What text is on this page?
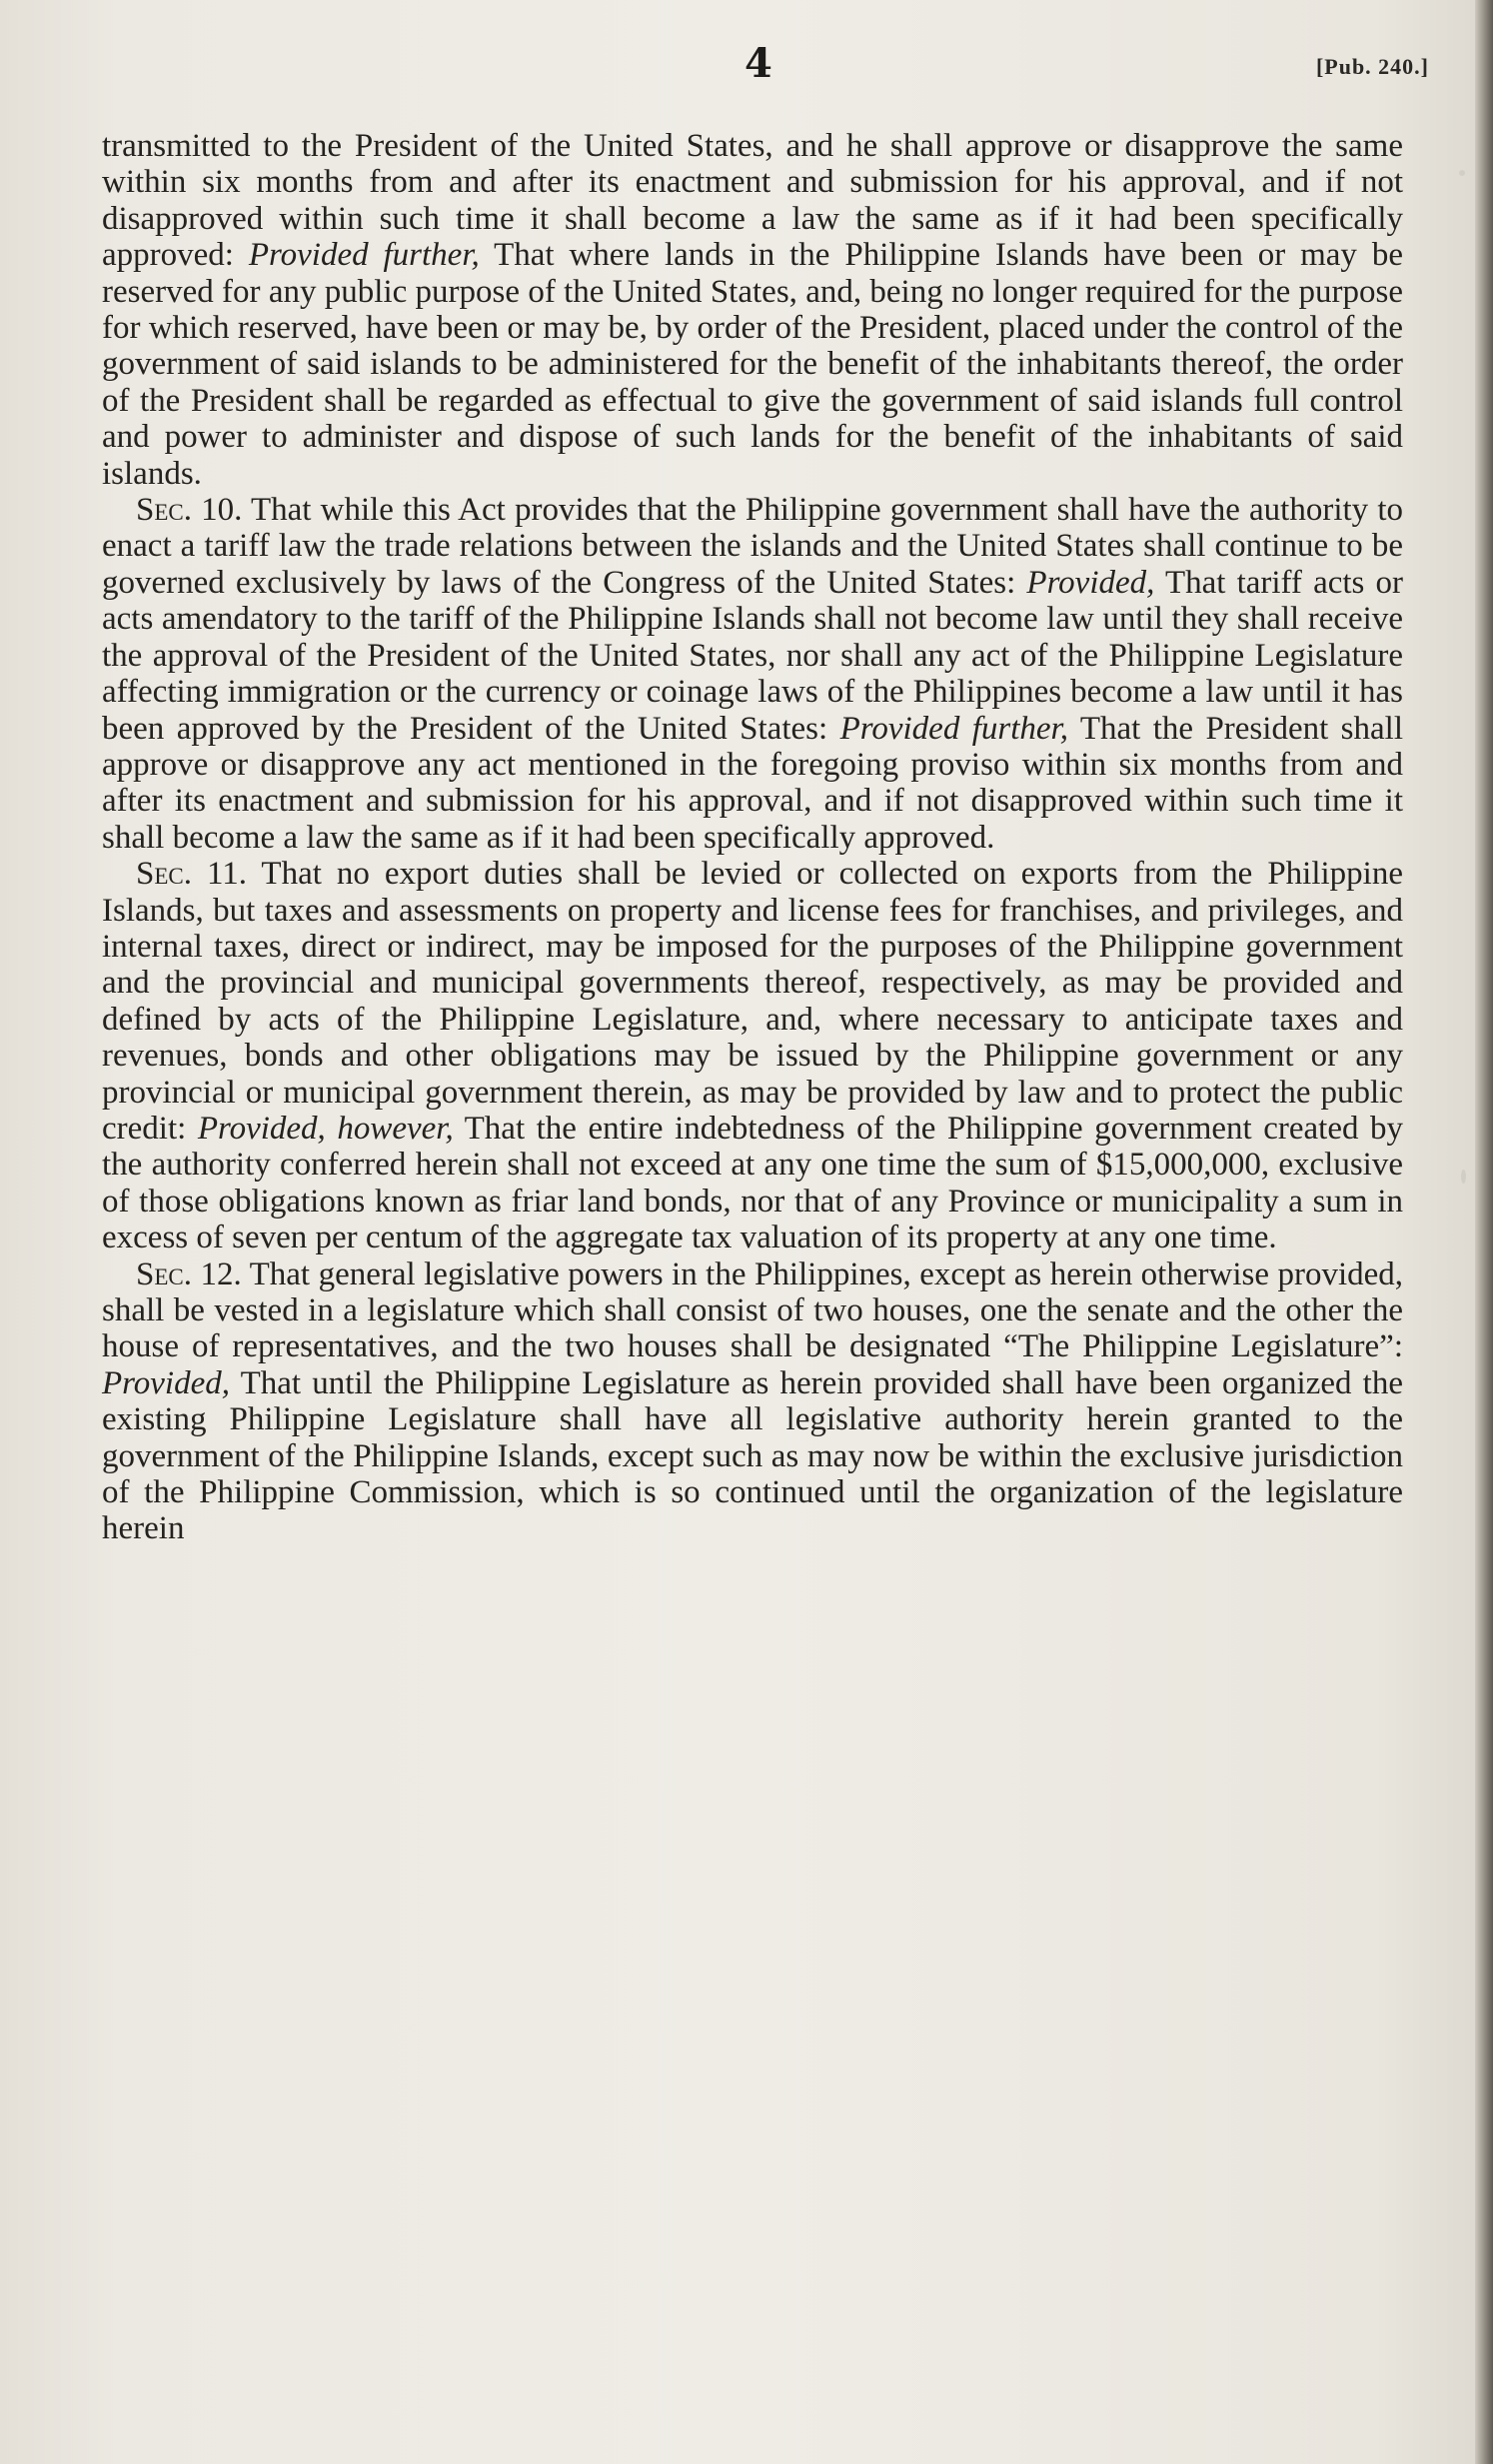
4	[Pub. 240.]

transmitted to the President of the United States, and he shall approve or disapprove the same within six months from and after its enactment and submission for his approval, and if not disapproved within such time it shall become a law the same as if it had been specifically approved: Provided further, That where lands in the Philippine Islands have been or may be reserved for any public purpose of the United States, and, being no longer required for the purpose for which reserved, have been or may be, by order of the President, placed under the control of the government of said islands to be administered for the benefit of the inhabitants thereof, the order of the President shall be regarded as effectual to give the government of said islands full control and power to administer and dispose of such lands for the benefit of the inhabitants of said islands.

Sec. 10. That while this Act provides that the Philippine government shall have the authority to enact a tariff law the trade relations between the islands and the United States shall continue to be governed exclusively by laws of the Congress of the United States: Provided, That tariff acts or acts amendatory to the tariff of the Philippine Islands shall not become law until they shall receive the approval of the President of the United States, nor shall any act of the Philippine Legislature affecting immigration or the currency or coinage laws of the Philippines become a law until it has been approved by the President of the United States: Provided further, That the President shall approve or disapprove any act mentioned in the foregoing proviso within six months from and after its enactment and submission for his approval, and if not disapproved within such time it shall become a law the same as if it had been specifically approved.

Sec. 11. That no export duties shall be levied or collected on exports from the Philippine Islands, but taxes and assessments on property and license fees for franchises, and privileges, and internal taxes, direct or indirect, may be imposed for the purposes of the Philippine government and the provincial and municipal governments thereof, respectively, as may be provided and defined by acts of the Philippine Legislature, and, where necessary to anticipate taxes and revenues, bonds and other obligations may be issued by the Philippine government or any provincial or municipal government therein, as may be provided by law and to protect the public credit: Provided, however, That the entire indebtedness of the Philippine government created by the authority conferred herein shall not exceed at any one time the sum of $15,000,000, exclusive of those obligations known as friar land bonds, nor that of any Province or municipality a sum in excess of seven per centum of the aggregate tax valuation of its property at any one time.

Sec. 12. That general legislative powers in the Philippines, except as herein otherwise provided, shall be vested in a legislature which shall consist of two houses, one the senate and the other the house of representatives, and the two houses shall be designated “The Philippine Legislature”: Provided, That until the Philippine Legislature as herein provided shall have been organized the existing Philippine Legislature shall have all legislative authority herein granted to the government of the Philippine Islands, except such as may now be within the exclusive jurisdiction of the Philippine Commission, which is so continued until the organization of the legislature herein
